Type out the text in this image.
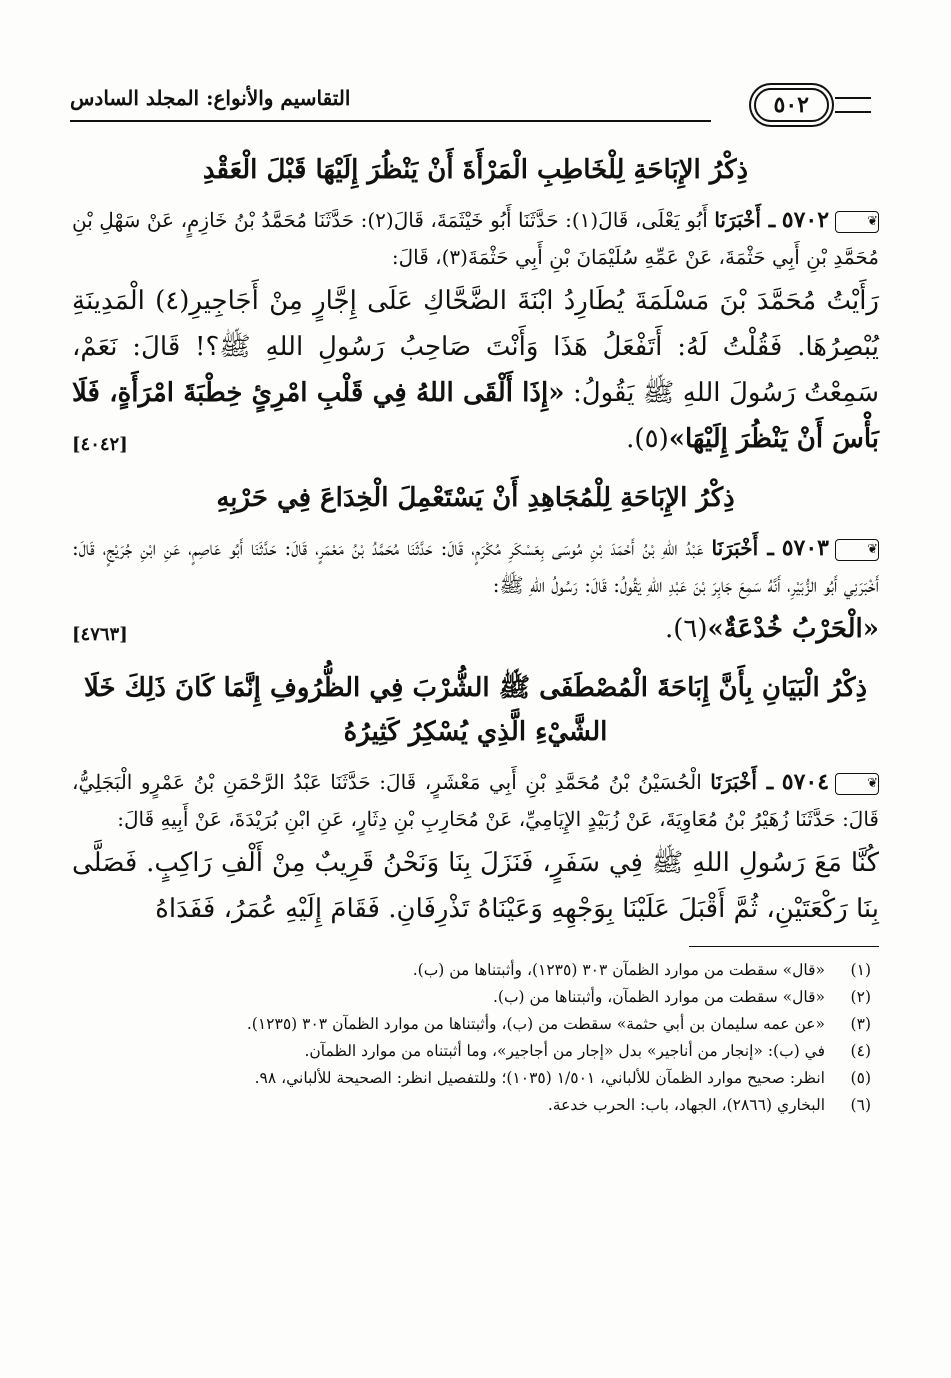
٥٠٢
التقاسيم والأنواع: المجلد السادس
ذِكْرُ الإِبَاحَةِ لِلْخَاطِبِ الْمَرْأَةَ أَنْ يَنْظُرَ إِلَيْهَا قَبْلَ الْعَقْدِ

❦٥٧٠٢ ـ أَخْبَرَنَا أَبُو يَعْلَى، قَالَ(١): حَدَّثَنَا أَبُو خَيْثَمَةَ، قَالَ(٢): حَدَّثَنَا مُحَمَّدُ بْنُ خَازِمٍ، عَنْ سَهْلِ بْنِ مُحَمَّدِ بْنِ أَبِي حَثْمَةَ، عَنْ عَمِّهِ سُلَيْمَانَ بْنِ أَبِي حَثْمَةَ(٣)، قَالَ:

رَأَيْتُ مُحَمَّدَ بْنَ مَسْلَمَةَ يُطَارِدُ ابْنَةَ الضَّحَّاكِ عَلَى إِجَّارٍ مِنْ أَجَاجِيرِ(٤) الْمَدِينَةِ يُبْصِرُهَا. فَقُلْتُ لَهُ: أَتَفْعَلُ هَذَا وَأَنْتَ صَاحِبُ رَسُولِ اللهِ ﷺ؟! قَالَ: نَعَمْ، سَمِعْتُ رَسُولَ اللهِ ﷺ يَقُولُ: «إِذَا أَلْقَى اللهُ فِي قَلْبِ امْرِئٍ خِطْبَةَ امْرَأَةٍ، فَلَا بَأْسَ أَنْ يَنْظُرَ إِلَيْهَا»(٥).
[٤٠٤٢]

ذِكْرُ الإِبَاحَةِ لِلْمُجَاهِدِ أَنْ يَسْتَعْمِلَ الْخِدَاعَ فِي حَرْبِهِ

❦٥٧٠٣ ـ أَخْبَرَنَا عَبْدُ اللهِ بْنُ أَحْمَدَ بْنِ مُوسَى بِعَسْكَرِ مُكْرَمٍ، قَالَ: حَدَّثَنَا مُحَمَّدُ بْنُ مَعْمَرٍ، قَالَ: حَدَّثَنَا أَبُو عَاصِمٍ، عَنِ ابْنِ جُرَيْجٍ، قَالَ: أَخْبَرَنِي أَبُو الزُّبَيْرِ، أَنَّهُ سَمِعَ جَابِرَ بْنَ عَبْدِ اللهِ يَقُولُ: قَالَ: رَسُولُ اللهِ ﷺ:

«الْحَرْبُ خُدْعَةٌ»(٦).
[٤٧٦٣]

ذِكْرُ الْبَيَانِ بِأَنَّ إِبَاحَةَ الْمُصْطَفَى ﷺ الشُّرْبَ فِي الظُّرُوفِ إِنَّمَا كَانَ ذَلِكَ خَلَا الشَّيْءِ الَّذِي يُسْكِرُ كَثِيرُهُ

❦٥٧٠٤ ـ أَخْبَرَنَا الْحُسَيْنُ بْنُ مُحَمَّدِ بْنِ أَبِي مَعْشَرٍ، قَالَ: حَدَّثَنَا عَبْدُ الرَّحْمَنِ بْنُ عَمْرٍو الْبَجَلِيُّ، قَالَ: حَدَّثَنَا زُهَيْرُ بْنُ مُعَاوِيَةَ، عَنْ زُبَيْدٍ الإِيَامِيِّ، عَنْ مُحَارِبِ بْنِ دِثَارٍ، عَنِ ابْنِ بُرَيْدَةَ، عَنْ أَبِيهِ قَالَ:

كُنَّا مَعَ رَسُولِ اللهِ ﷺ فِي سَفَرٍ، فَنَزَلَ بِنَا وَنَحْنُ قَرِيبٌ مِنْ أَلْفِ رَاكِبٍ. فَصَلَّى بِنَا رَكْعَتَيْنِ، ثُمَّ أَقْبَلَ عَلَيْنَا بِوَجْهِهِ وَعَيْنَاهُ تَذْرِفَانِ. فَقَامَ إِلَيْهِ عُمَرُ، فَفَدَاهُ

(١)«قال» سقطت من موارد الظمآن ٣٠٣ (١٢٣٥)، وأثبتناها من (ب).

(٢)«قال» سقطت من موارد الظمآن، وأثبتناها من (ب).

(٣)«عن عمه سليمان بن أبي حثمة» سقطت من (ب)، وأثبتناها من موارد الظمآن ٣٠٣ (١٢٣٥).

(٤)في (ب): «إنجار من أناجير» بدل «إجار من أجاجير»، وما أثبتناه من موارد الظمآن.

(٥)انظر: صحيح موارد الظمآن للألباني، ١/٥٠١ (١٠٣٥)؛ وللتفصيل انظر: الصحيحة للألباني، ٩٨.

(٦)البخاري (٢٨٦٦)، الجهاد، باب: الحرب خدعة.
